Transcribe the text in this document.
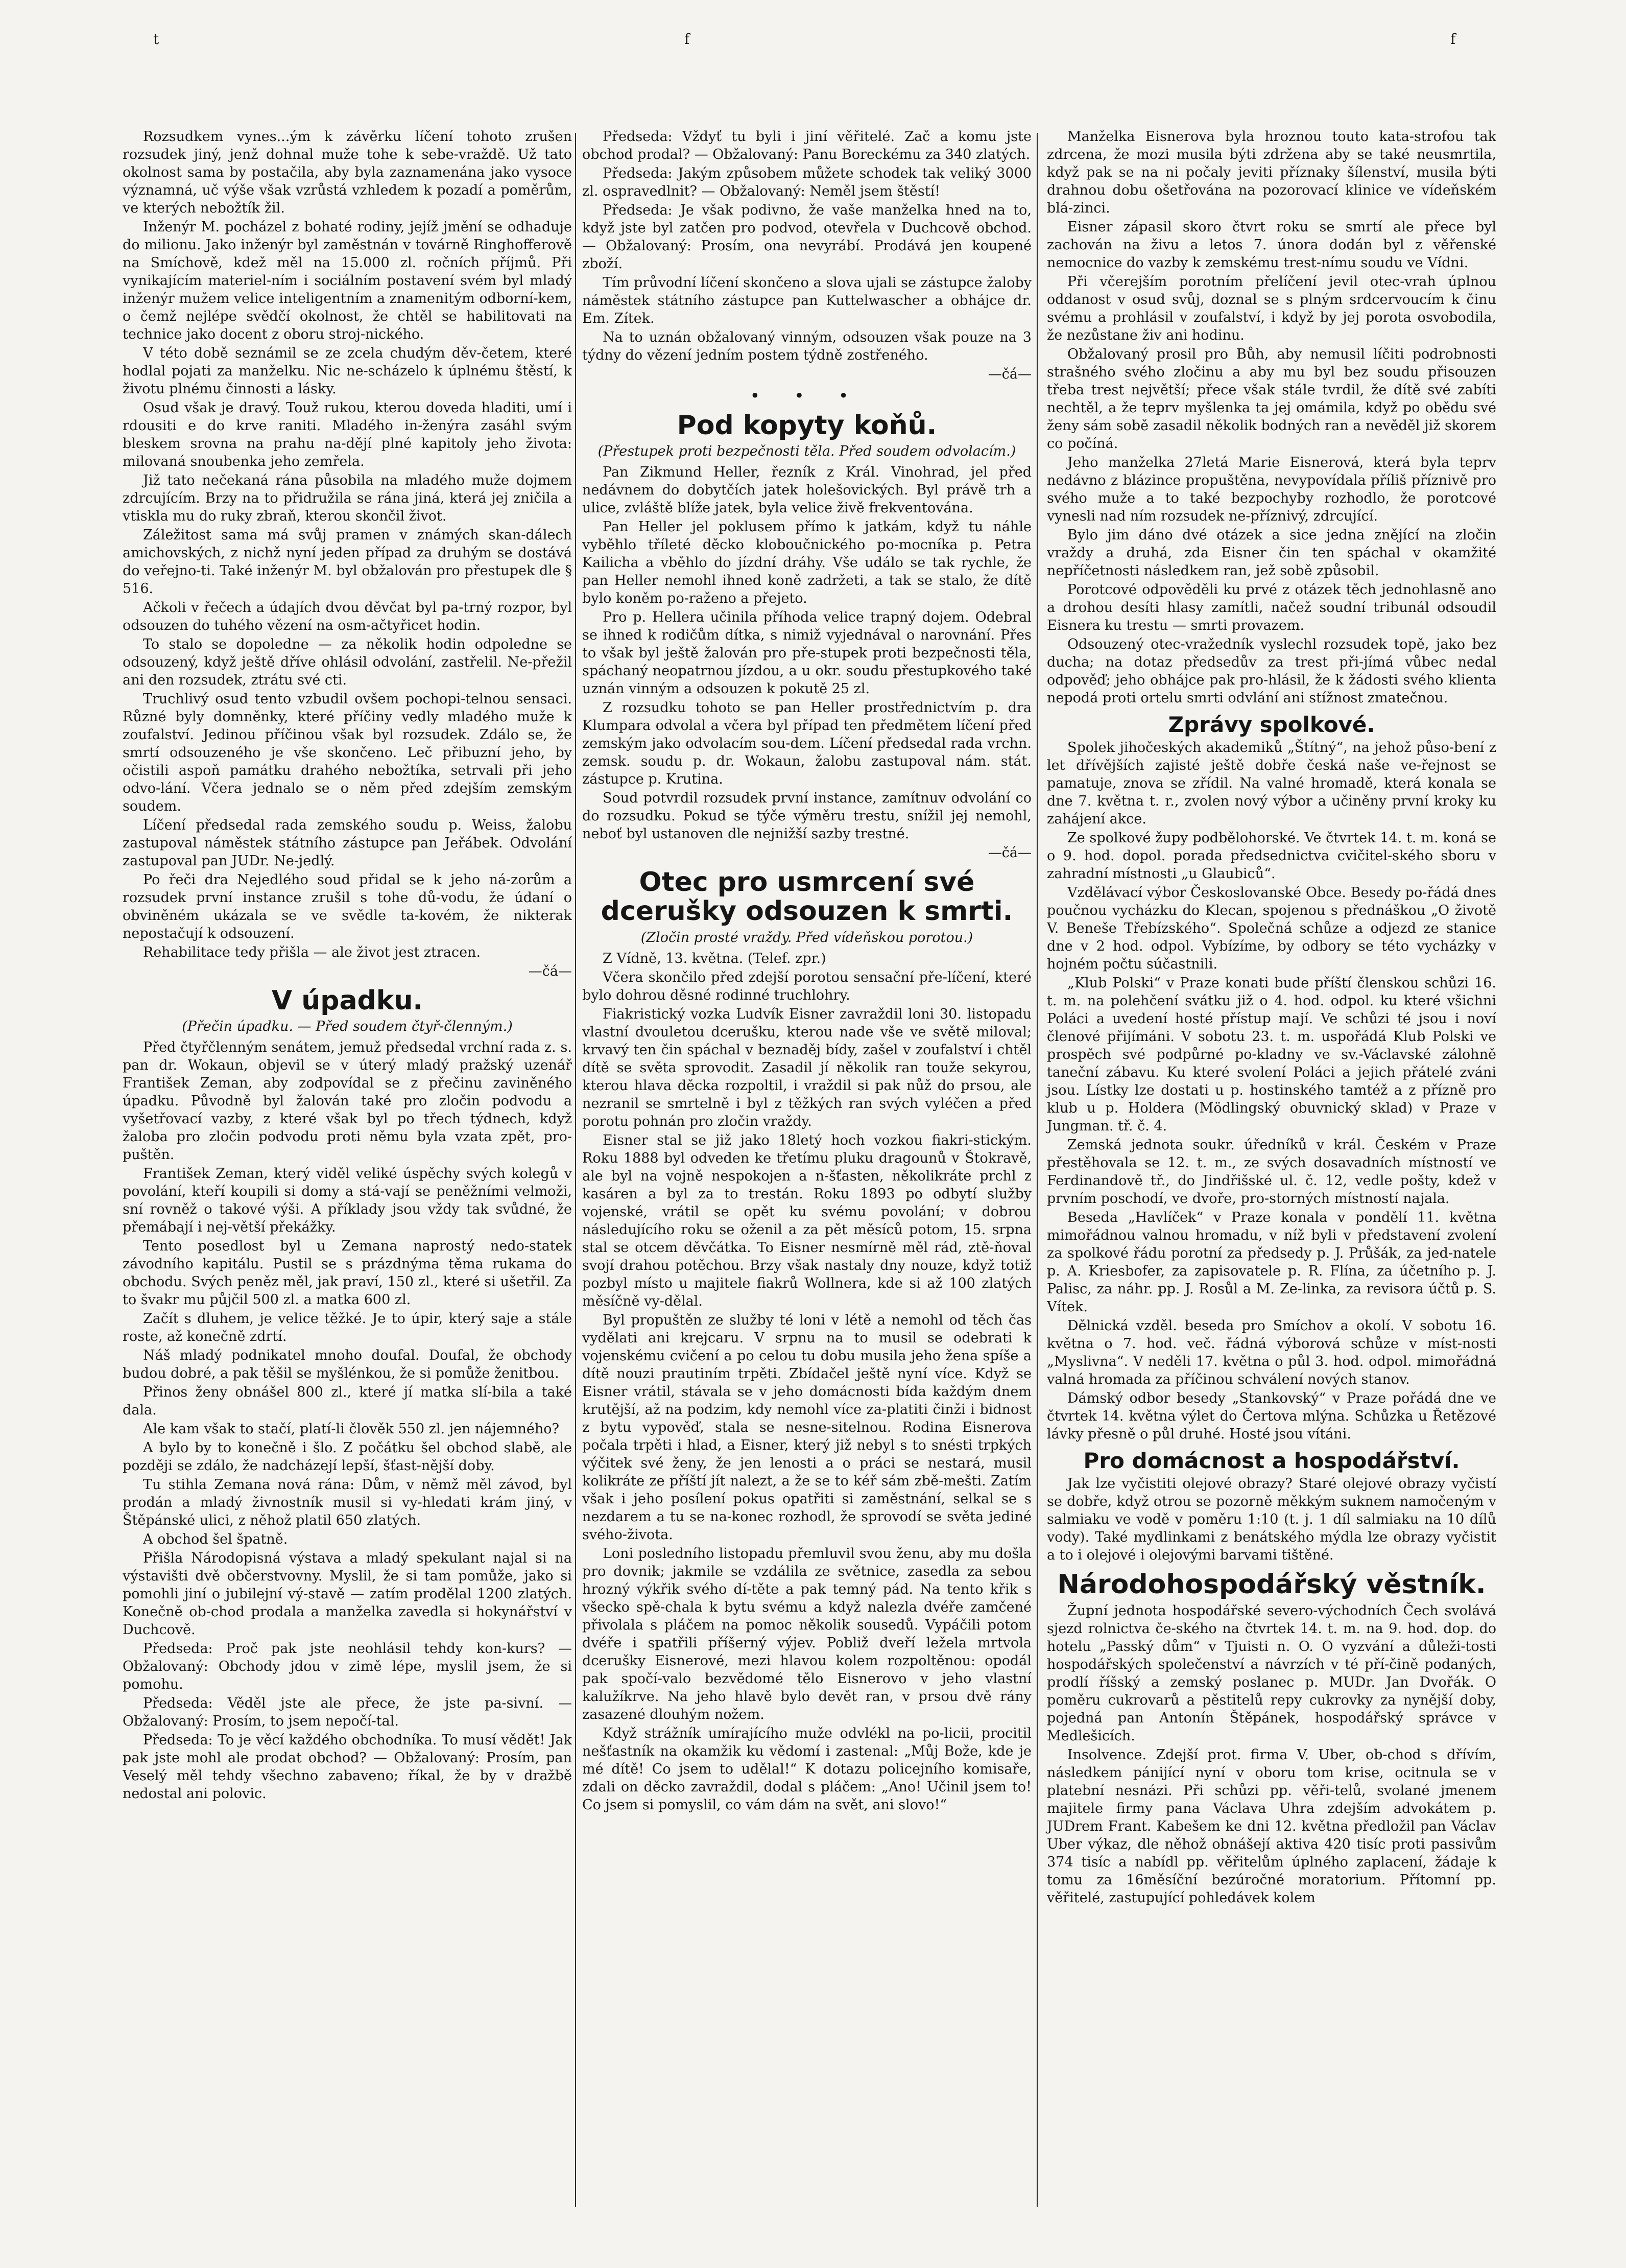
t	f	f

Rozsudkem vynes...ým k závěrku líčení tohoto zrušen rozsudek jiný, jenž dohnal muže tohe k sebe-vraždě. Už tato okolnost sama by postačila, aby byla zaznamenána jako vysoce významná, uč výše však vzrůstá vzhledem k pozadí a poměrům, ve kterých nebožtík žil.

Inženýr M. pocházel z bohaté rodiny, jejíž jmění se odhaduje do milionu. Jako inženýr byl zaměstnán v továrně Ringhofferově na Smíchově, kdež měl na 15.000 zl. ročních příjmů. Při vynikajícím materiel-ním i sociálním postavení svém byl mladý inženýr mužem velice inteligentním a znamenitým odborní-kem, o čemž nejlépe svědčí okolnost, že chtěl se habilitovati na technice jako docent z oboru stroj-nického.

V této době seznámil se ze zcela chudým děv-četem, které hodlal pojati za manželku. Nic ne-scházelo k úplnému štěstí, k životu plnému činnosti a lásky.

Osud však je dravý. Touž rukou, kterou doveda hladiti, umí i rdousiti e do krve raniti. Mladého in-ženýra zasáhl svým bleskem srovna na prahu na-dějí plné kapitoly jeho života: milovaná snoubenka jeho zemřela.

Již tato nečekaná rána působila na mladého muže dojmem zdrcujícím. Brzy na to přidružila se rána jiná, která jej zničila a vtiskla mu do ruky zbraň, kterou skončil život.

Záležitost sama má svůj pramen v známých skan-dálech amichovských, z nichž nyní jeden případ za druhým se dostává do veřejno-ti. Také inženýr M. byl obžalován pro přestupek dle § 516.

Ačkoli v řečech a údajích dvou děvčat byl pa-trný rozpor, byl odsouzen do tuhého vězení na osm-ačtyřicet hodin.

To stalo se dopoledne — za několik hodin odpoledne se odsouzený, když ještě dříve ohlásil odvolání, zastřelil. Ne-přežil ani den rozsudek, ztrátu své cti.

Truchlivý osud tento vzbudil ovšem pochopi-telnou sensaci. Různé byly domněnky, které příčiny vedly mladého muže k zoufalství. Jedinou příčinou však byl rozsudek. Zdálo se, že smrtí odsouzeného je vše skončeno. Leč přibuzní jeho, by očistili aspoň památku drahého nebožtíka, setrvali při jeho odvo-lání. Včera jednalo se o něm před zdejším zemským soudem.

Líčení předsedal rada zemského soudu p. Weiss, žalobu zastupoval náměstek státního zástupce pan Jeřábek. Odvolání zastupoval pan JUDr. Ne-jedlý.

Po řeči dra Nejedlého soud přidal se k jeho ná-zorům a rozsudek první instance zrušil s tohe dů-vodu, že údaní o obviněném ukázala se ve svědle ta-kovém, že nikterak nepostačují k odsouzení.

Rehabilitace tedy přišla — ale život jest ztracen.

—čá—

V úpadku.

(Přečin úpadku. — Před soudem čtyř-členným.)

Před čtyřčlenným senátem, jemuž předsedal vrchní rada z. s. pan dr. Wokaun, objevil se v úterý mladý pražský uzenář František Zeman, aby zodpovídal se z přečinu zaviněného úpadku. Původně byl žalován také pro zločin podvodu a vyšetřovací vazby, z které však byl po třech týdnech, když žaloba pro zločin podvodu proti němu byla vzata zpět, pro-puštěn.

František Zeman, který viděl veliké úspěchy svých kolegů v povolání, kteří koupili si domy a stá-vají se peněžními velmoži, sní rovněž o takové výši. A příklady jsou vždy tak svůdné, že přemábají i nej-větší překážky.

Tento posedlost byl u Zemana naprostý nedo-statek závodního kapitálu. Pustil se s prázdnýma těma rukama do obchodu. Svých peněz měl, jak praví, 150 zl., které si ušetřil. Za to švakr mu půjčil 500 zl. a matka 600 zl.

Začít s dluhem, je velice těžké. Je to úpir, který saje a stále roste, až konečně zdrtí.

Náš mladý podnikatel mnoho doufal. Doufal, že obchody budou dobré, a pak těšil se myšlénkou, že si pomůže ženitbou.

Přinos ženy obnášel 800 zl., které jí matka slí-bila a také dala.

Ale kam však to stačí, platí-li člověk 550 zl. jen nájemného?

A bylo by to konečně i šlo. Z počátku šel obchod slabě, ale později se zdálo, že nadcházejí lepší, šťast-nější doby.

Tu stihla Zemana nová rána: Dům, v němž měl závod, byl prodán a mladý živnostník musil si vy-hledati krám jiný, v Štěpánské ulici, z něhož platil 650 zlatých.

A obchod šel špatně.

Přišla Národopisná výstava a mladý spekulant najal si na výstavišti dvě občerstvovny. Myslil, že si tam pomůže, jako si pomohli jiní o jubilejní vý-stavě — zatím prodělal 1200 zlatých. Konečně ob-chod prodala a manželka zavedla si hokynářství v Duchcově.

Předseda: Proč pak jste neohlásil tehdy kon-kurs? — Obžalovaný: Obchody jdou v zimě lépe, myslil jsem, že si pomohu.

Předseda: Věděl jste ale přece, že jste pa-sivní. — Obžalovaný: Prosím, to jsem nepočí-tal.

Předseda: To je věcí každého obchodníka. To musí vědět! Jak pak jste mohl ale prodat obchod? — Obžalovaný: Prosím, pan Veselý měl tehdy všechno zabaveno; říkal, že by v dražbě nedostal ani polovic.

Předseda: Vždyť tu byli i jiní věřitelé. Zač a komu jste obchod prodal? — Obžalovaný: Panu Boreckému za 340 zlatých.

Předseda: Jakým způsobem můžete schodek tak veliký 3000 zl. ospravedlnit? — Obžalovaný: Neměl jsem štěstí!

Předseda: Je však podivno, že vaše manželka hned na to, když jste byl zatčen pro podvod, otevřela v Duchcově obchod. — Obžalovaný: Prosím, ona nevyrábí. Prodává jen koupené zboží.

Tím průvodní líčení skončeno a slova ujali se zástupce žaloby náměstek státního zástupce pan Kuttelwascher a obhájce dr. Em. Zítek.

Na to uznán obžalovaný vinným, odsouzen však pouze na 3 týdny do vězení jedním postem týdně zostřeného.

—čá—

• • •
Pod kopyty koňů.

(Přestupek proti bezpečnosti těla. Před soudem odvolacím.)

Pan Zikmund Heller, řezník z Král. Vinohrad, jel před nedávnem do dobytčích jatek holešovických. Byl právě trh a ulice, zvláště blíže jatek, byla velice živě frekventována.

Pan Heller jel poklusem přímo k jatkám, když tu náhle vyběhlo tříleté děcko kloboučnického po-mocníka p. Petra Kailicha a vběhlo do jízdní dráhy. Vše událo se tak rychle, že pan Heller nemohl ihned koně zadržeti, a tak se stalo, že dítě bylo koněm po-raženo a přejeto.

Pro p. Hellera učinila příhoda velice trapný dojem. Odebral se ihned k rodičům dítka, s nimiž vyjednával o narovnání. Přes to však byl ještě žalován pro pře-stupek proti bezpečnosti těla, spáchaný neopatrnou jízdou, a u okr. soudu přestupkového také uznán vinným a odsouzen k pokutě 25 zl.

Z rozsudku tohoto se pan Heller prostřednictvím p. dra Klumpara odvolal a včera byl případ ten předmětem líčení před zemským jako odvolacím sou-dem. Líčení předsedal rada vrchn. zemsk. soudu p. dr. Wokaun, žalobu zastupoval nám. stát. zástupce p. Krutina.

Soud potvrdil rozsudek první instance, zamítnuv odvolání co do rozsudku. Pokud se týče výměru trestu, snížil jej nemohl, neboť byl ustanoven dle nejnižší sazby trestné.

—čá—

Otec pro usmrcení své dcerušky odsouzen k smrti.

(Zločin prosté vraždy. Před vídeňskou porotou.)

Z Vídně, 13. května. (Telef. zpr.)

Včera skončilo před zdejší porotou sensační pře-líčení, které bylo dohrou děsné rodinné truchlohry.

Fiakristický vozka Ludvík Eisner zavraždil loni 30. listopadu vlastní dvouletou dcerušku, kterou nade vše ve světě miloval; krvavý ten čin spáchal v beznaděj bídy, zašel v zoufalství i chtěl dítě se světa sprovodit. Zasadil jí několik ran touže sekyrou, kterou hlava děcka rozpoltil, i vraždil si pak nůž do prsou, ale nezranil se smrtelně i byl z těžkých ran svých vyléčen a před porotu pohnán pro zločin vraždy.

Eisner stal se již jako 18letý hoch vozkou fiakri-stickým. Roku 1888 byl odveden ke třetímu pluku dragounů v Štokravě, ale byl na vojně nespokojen a n-šťasten, několikráte prchl z kasáren a byl za to trestán. Roku 1893 po odbytí služby vojenské, vrátil se opět ku svému povolání; v dobrou následujícího roku se oženil a za pět měsíců potom, 15. srpna stal se otcem děvčátka. To Eisner nesmírně měl rád, ztě-ňoval svojí drahou potěchou. Brzy však nastaly dny nouze, když totiž pozbyl místo u majitele fiakrů Wollnera, kde si až 100 zlatých měsíčně vy-dělal.

Byl propuštěn ze služby té loni v létě a nemohl od těch čas vydělati ani krejcaru. V srpnu na to musil se odebrati k vojenskému cvičení a po celou tu dobu musila jeho žena spíše a dítě nouzi prautiním trpěti. Zbídačel ještě nyní více. Když se Eisner vrátil, stávala se v jeho domácnosti bída každým dnem krutější, až na podzim, kdy nemohl více za-platiti činži i bidnost z bytu vypověď, stala se nesne-sitelnou. Rodina Eisnerova počala trpěti i hlad, a Eisner, který již nebyl s to snésti trpkých výčitek své ženy, že jen lenosti a o práci se nestará, musil kolikráte ze příští jít nalezt, a že se to kéř sám zbě-mešti. Zatím však i jeho posílení pokus opatřiti si zaměstnání, selkal se s nezdarem a tu se na-konec rozhodl, že sprovodí se světa jediné svého-života.

Loni posledního listopadu přemluvil svou ženu, aby mu došla pro dovnik; jakmile se vzdálila ze světnice, zasedla za sebou hrozný výkřik svého dí-těte a pak temný pád. Na tento křik s všecko spě-chala k bytu svému a když nalezla dvéře zamčené přivolala s pláčem na pomoc několik sousedů. Vypáčili potom dvéře i spatřili příšerný výjev. Pobliž dveří ležela mrtvola dcerušky Eisnerové, mezi hlavou kolem rozpoltěnou: opodál pak spočí-valo bezvědomé tělo Eisnerovo v jeho vlastní kalužíkrve. Na jeho hlavě bylo devět ran, v prsou dvě rány zasazené dlouhým nožem.

Když strážník umírajícího muže odvlékl na po-licii, procitil nešťastník na okamžik ku vědomí i zastenal: „Můj Bože, kde je mé dítě! Co jsem to udělal!“ K dotazu policejního komisaře, zdali on děcko zavraždil, dodal s pláčem: „Ano! Učinil jsem to! Co jsem si pomyslil, co vám dám na svět, ani slovo!“

Manželka Eisnerova byla hroznou touto kata-strofou tak zdrcena, že mozi musila býti zdržena aby se také neusmrtila, když pak se na ni počaly jeviti příznaky šílenství, musila býti drahnou dobu ošetřována na pozorovací klinice ve vídeňském blá-zinci.

Eisner zápasil skoro čtvrt roku se smrtí ale přece byl zachován na živu a letos 7. února dodán byl z věřenské nemocnice do vazby k zemskému trest-nímu soudu ve Vídni.

Při včerejším porotním přelíčení jevil otec-vrah úplnou oddanost v osud svůj, doznal se s plným srdcervoucím k činu svému a prohlásil v zoufalství, i když by jej porota osvobodila, že nezůstane živ ani hodinu.

Obžalovaný prosil pro Bůh, aby nemusil líčiti podrobnosti strašného svého zločinu a aby mu byl bez soudu přisouzen třeba trest největší; přece však stále tvrdil, že dítě své zabíti nechtěl, a že teprv myšlenka ta jej omámila, když po obědu své ženy sám sobě zasadil několik bodných ran a nevěděl již skorem co počíná.

Jeho manželka 27letá Marie Eisnerová, která byla teprv nedávno z blázince propuštěna, nevypovídala příliš příznivě pro svého muže a to také bezpochyby rozhodlo, že porotcové vynesli nad ním rozsudek ne-příznivý, zdrcující.

Bylo jim dáno dvé otázek a sice jedna znějící na zločin vraždy a druhá, zda Eisner čin ten spáchal v okamžité nepříčetnosti následkem ran, jež sobě způsobil.

Porotcové odpověděli ku prvé z otázek těch jednohlasně ano a drohou desíti hlasy zamítli, načež soudní tribunál odsoudil Eisnera ku trestu — smrti provazem.

Odsouzený otec-vražedník vyslechl rozsudek topě, jako bez ducha; na dotaz předsedův za trest při-jímá vůbec nedal odpověď; jeho obhájce pak pro-hlásil, že k žádosti svého klienta nepodá proti ortelu smrti odvlání ani stížnost zmatečnou.

Zprávy spolkové.

Spolek jihočeských akademiků „Štítný“, na jehož půso-bení z let dřívějších zajisté ještě dobře česká naše ve-řejnost se pamatuje, znova se zřídil. Na valné hromadě, která konala se dne 7. května t. r., zvolen nový výbor a učiněny první kroky ku zahájení akce.

Ze spolkové župy podbělohorské. Ve čtvrtek 14. t. m. koná se o 9. hod. dopol. porada předsednictva cvičitel-ského sboru v zahradní místnosti „u Glaubiců“.

Vzdělávací výbor Českoslovanské Obce. Besedy po-řádá dnes poučnou vycházku do Klecan, spojenou s přednáškou „O životě V. Beneše Třebízského“. Společná schůze a odjezd ze stanice dne v 2 hod. odpol. Vybízíme, by odbory se této vycházky v hojném počtu súčastnili.

„Klub Polski“ v Praze konati bude příští členskou schůzi 16. t. m. na polehčení svátku již o 4. hod. odpol. ku které všichni Poláci a uvedení hosté přístup mají. Ve schůzi té jsou i noví členové přijímáni. V sobotu 23. t. m. uspořádá Klub Polski ve prospěch své podpůrné po-kladny ve sv.-Václavské zálohně taneční zábavu. Ku které svolení Poláci a jejich přátelé zváni jsou. Lístky lze dostati u p. hostinského tamtéž a z přízně pro klub u p. Holdera (Mödlingský obuvnický sklad) v Praze v Jungman. tř. č. 4.

Zemská jednota soukr. úředníků v král. Českém v Praze přestěhovala se 12. t. m., ze svých dosavadních místností ve Ferdinandově tř., do Jindřišské ul. č. 12, vedle pošty, kdež v prvním poschodí, ve dvoře, pro-storných místností najala.

Beseda „Havlíček“ v Praze konala v pondělí 11. května mimořádnou valnou hromadu, v níž byli v představení zvolení za spolkové řádu porotní za předsedy p. J. Průšák, za jed-natele p. A. Kriesbofer, za zapisovatele p. R. Flína, za účetního p. J. Palisc, za náhr. pp. J. Rosůl a M. Ze-linka, za revisora účtů p. S. Vítek.

Dělnická vzděl. beseda pro Smíchov a okolí. V sobotu 16. května o 7. hod. več. řádná výborová schůze v míst-nosti „Myslivna“. V neděli 17. května o půl 3. hod. odpol. mimořádná valná hromada za příčinou schválení nových stanov.

Dámský odbor besedy „Stankovský“ v Praze pořádá dne ve čtvrtek 14. května výlet do Čertova mlýna. Schůzka u Řetězové lávky přesně o půl druhé. Hosté jsou vítáni.

Pro domácnost a hospodářství.

Jak lze vyčistiti olejové obrazy? Staré olejové obrazy vyčistí se dobře, když otrou se pozorně měkkým suknem namočeným v salmiaku ve vodě v poměru 1:10 (t. j. 1 díl salmiaku na 10 dílů vody). Také mydlinkami z benátského mýdla lze obrazy vyčistit a to i olejové i olejovými barvami tištěné.

Národohospodářský věstník.

Župní jednota hospodářské severo-východních Čech svolává sjezd rolnictva če-ského na čtvrtek 14. t. m. na 9. hod. dop. do hotelu „Passký dům“ v Tjuisti n. O. O vyzvání a důleži-tosti hospodářských společenství a návrzích v té pří-čině podaných, prodlí říšský a zemský poslanec p. MUDr. Jan Dvořák. O poměru cukrovarů a pěstitelů repy cukrovky za nynější doby, pojedná pan Antonín Štěpánek, hospodářský správce v Medlešicích.

Insolvence. Zdejší prot. firma V. Uber, ob-chod s dřívím, následkem pánijící nyní v oboru tom krise, ocitnula se v platební nesnázi. Při schůzi pp. věři-telů, svolané jmenem majitele firmy pana Václava Uhra zdejším advokátem p. JUDrem Frant. Kabešem ke dni 12. května předložil pan Václav Uber výkaz, dle něhož obnášejí aktiva 420 tisíc proti passivům 374 tisíc a nabídl pp. věřitelům úplného zaplacení, žádaje k tomu za 16měsíční bezúročné moratorium. Přítomní pp. věřitelé, zastupující pohledávek kolem
